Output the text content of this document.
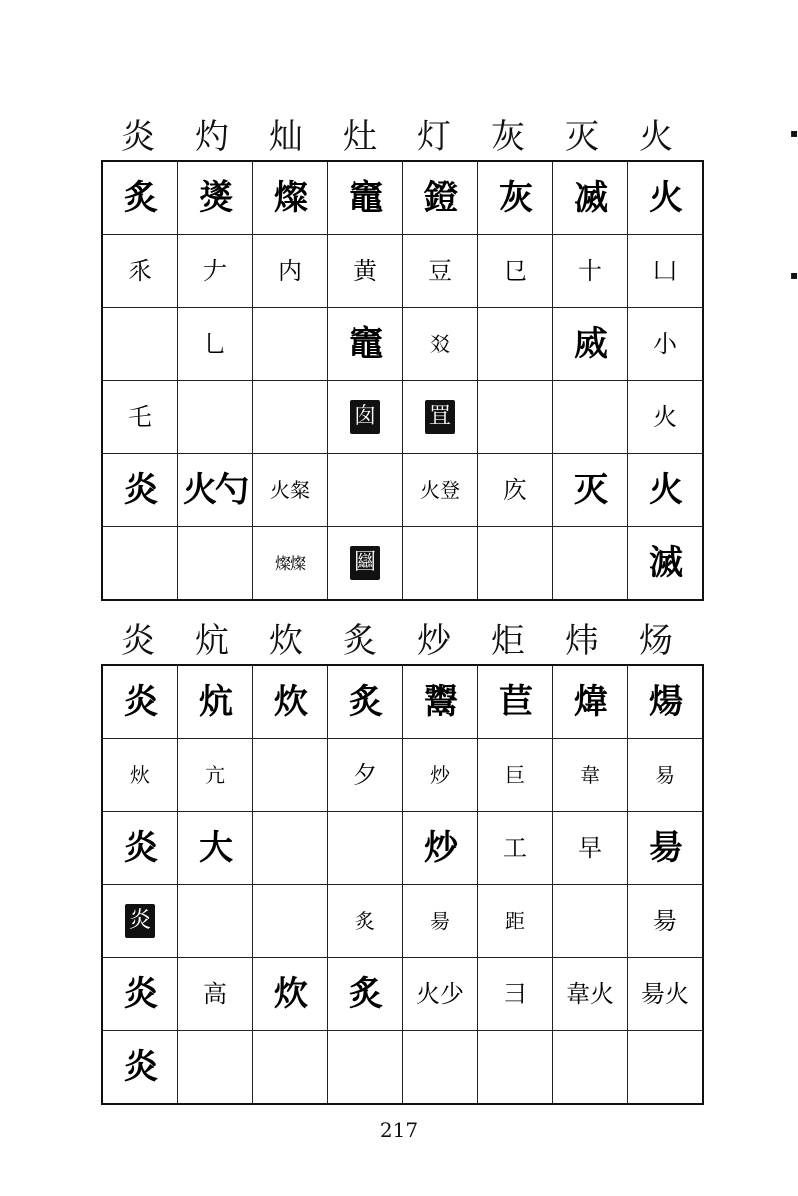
炎	灼	灿	灶	灯	灰	灭	火
炙	㸂	燦	竈	鐙	灰	㓕	火
乑	𠂇	内	黄	豆	㔾	十	凵
	乚		竈	㸚		烕	小
乇			囱	罝			火
炎	火勺	火粲		火登	㡱	灭	火
		燦燦	圝				滅
炎	炕	炊	炙	炒	炬	炜	炀
炎	炕	炊	炙	鬻	苣	煒	煬
炏	亢		夕	炒	巨	韋	易
炎	大			炒	工	早	昜
炎			炙	昜	距		昜
炎	高	炊	炙	火少	彐	韋火	昜火
炎							
▪
▪
217
